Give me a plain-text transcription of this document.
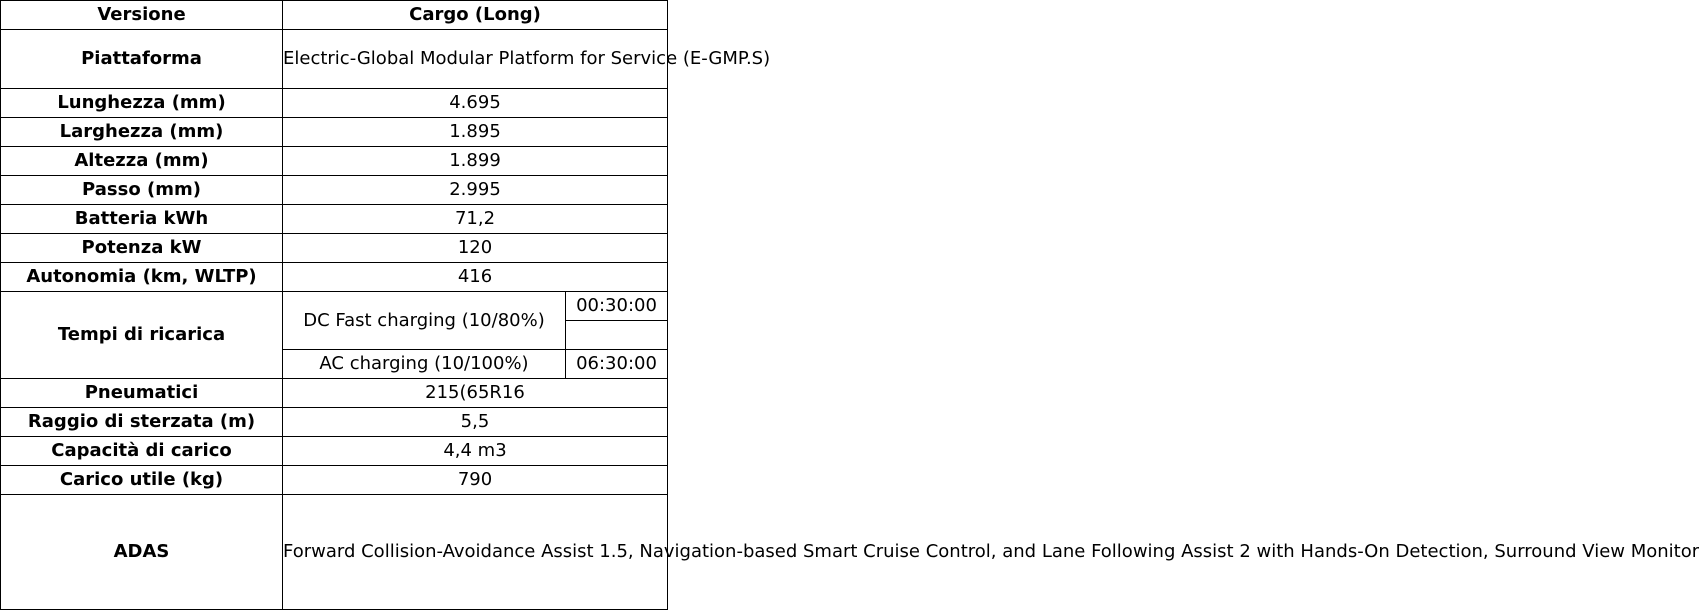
Versione	Cargo (Long)	
Piattaforma	Electric-Global Modular Platform for Service (E-GMP.S)	
Lunghezza (mm)	4.695	
Larghezza (mm)	1.895	
Altezza (mm)	1.899	
Passo (mm)	2.995	
Batteria kWh	71,2	
Potenza kW	120	
Autonomia (km, WLTP)	416	
Tempi di ricarica	DC Fast charging (10/80%)	00:30:00

	AC charging (10/100%)	06:30:00
Pneumatici	215(65R16	
Raggio di sterzata (m)	5,5	
Capacità di carico	4,4 m3	
Carico utile (kg)	790	
ADAS	Forward Collision-Avoidance Assist 1.5, Navigation-based Smart Cruise Control, and Lane Following Assist 2 with Hands-On Detection, Surround View Monitor	
